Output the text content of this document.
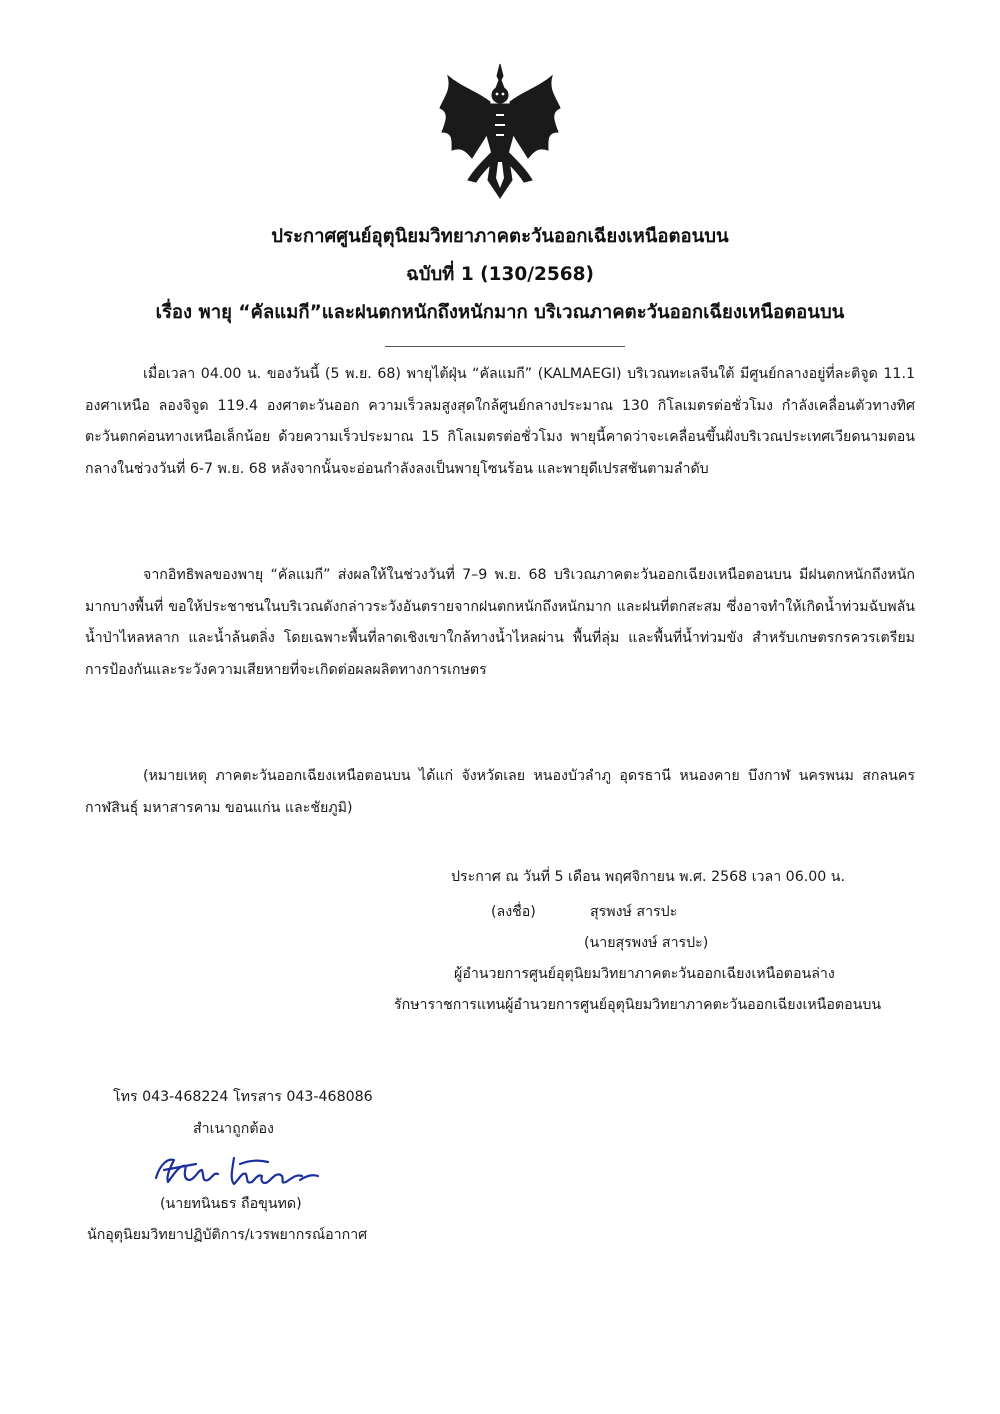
ประกาศศูนย์อุตุนิยมวิทยาภาคตะวันออกเฉียงเหนือตอนบน
ฉบับที่ 1 (130/2568)
เรื่อง พายุ “คัลแมกี”และฝนตกหนักถึงหนักมาก บริเวณภาคตะวันออกเฉียงเหนือตอนบน
เมื่อเวลา 04.00 น. ของวันนี้ (5 พ.ย. 68) พายุไต้ฝุ่น “คัลแมกี” (KALMAEGI) บริเวณทะเลจีนใต้ มีศูนย์กลางอยู่ที่ละติจูด 11.1 องศาเหนือ ลองจิจูด 119.4 องศาตะวันออก ความเร็วลมสูงสุดใกล้ศูนย์กลางประมาณ 130 กิโลเมตรต่อชั่วโมง กำลังเคลื่อนตัวทางทิศตะวันตกค่อนทางเหนือเล็กน้อย ด้วยความเร็วประมาณ 15 กิโลเมตรต่อชั่วโมง พายุนี้คาดว่าจะเคลื่อนขึ้นฝั่งบริเวณประเทศเวียดนามตอนกลางในช่วงวันที่ 6-7 พ.ย. 68 หลังจากนั้นจะอ่อนกำลังลงเป็นพายุโซนร้อน และพายุดีเปรสชันตามลำดับ
จากอิทธิพลของพายุ “คัลแมกี” ส่งผลให้ในช่วงวันที่ 7–9 พ.ย. 68 บริเวณภาคตะวันออกเฉียงเหนือตอนบน มีฝนตกหนักถึงหนักมากบางพื้นที่ ขอให้ประชาชนในบริเวณดังกล่าวระวังอันตรายจากฝนตกหนักถึงหนักมาก และฝนที่ตกสะสม ซึ่งอาจทำให้เกิดน้ำท่วมฉับพลัน น้ำป่าไหลหลาก และน้ำล้นตลิ่ง โดยเฉพาะพื้นที่ลาดเชิงเขาใกล้ทางน้ำไหลผ่าน พื้นที่ลุ่ม และพื้นที่น้ำท่วมขัง สำหรับเกษตรกรควรเตรียมการป้องกันและระวังความเสียหายที่จะเกิดต่อผลผลิตทางการเกษตร
(หมายเหตุ ภาคตะวันออกเฉียงเหนือตอนบน ได้แก่ จังหวัดเลย หนองบัวลำภู อุดรธานี หนองคาย บึงกาฬ นครพนม สกลนคร กาฬสินธุ์ มหาสารคาม ขอนแก่น และชัยภูมิ)
ประกาศ ณ วันที่ 5 เดือน พฤศจิกายน พ.ศ. 2568 เวลา 06.00 น.
(ลงชื่อ)	สุรพงษ์ สารปะ
(นายสุรพงษ์ สารปะ)
ผู้อำนวยการศูนย์อุตุนิยมวิทยาภาคตะวันออกเฉียงเหนือตอนล่าง
รักษาราชการแทนผู้อำนวยการศูนย์อุตุนิยมวิทยาภาคตะวันออกเฉียงเหนือตอนบน
โทร 043-468224 โทรสาร 043-468086
สำเนาถูกต้อง
(นายทนินธร ถือขุนทด)
นักอุตุนิยมวิทยาปฏิบัติการ/เวรพยากรณ์อากาศ
